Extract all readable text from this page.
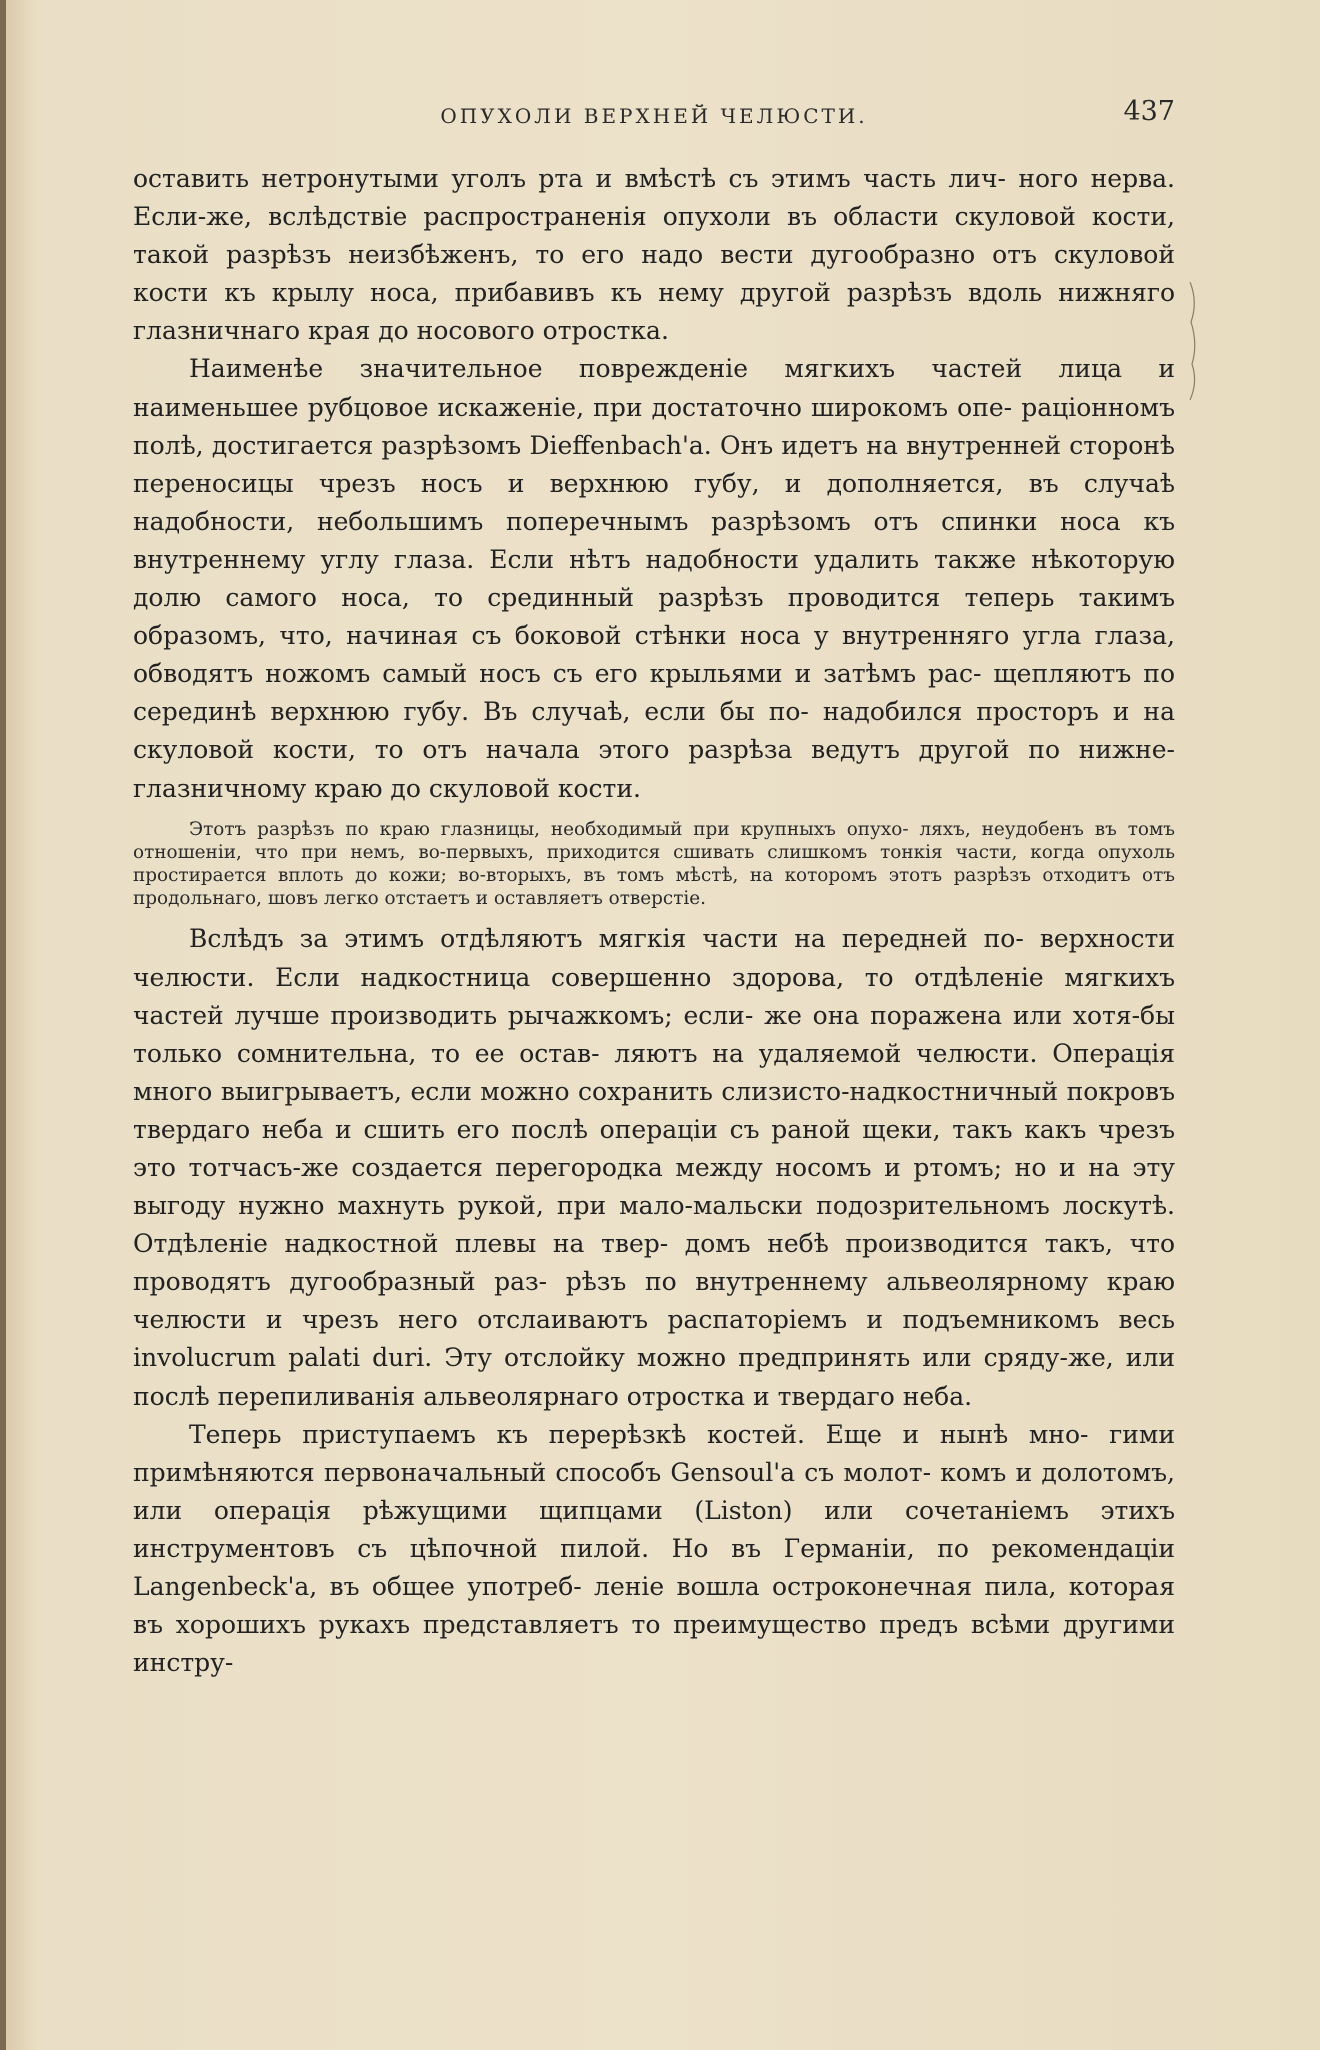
ОПУХОЛИ ВЕРХНЕЙ ЧЕЛЮСТИ.	437

оставить нетронутыми уголъ рта и вмѣстѣ съ этимъ часть лич- ного нерва. Если-же, вслѣдствіе распространенія опухоли въ области скуловой кости, такой разрѣзъ неизбѣженъ, то его надо вести дугообразно отъ скуловой кости къ крылу носа, прибавивъ къ нему другой разрѣзъ вдоль нижняго глазничнаго края до носового отростка.

Наименѣе значительное поврежденіе мягкихъ частей лица и наименьшее рубцовое искаженіе, при достаточно широкомъ опе- раціонномъ полѣ, достигается разрѣзомъ Dieffenbach'а. Онъ идетъ на внутренней сторонѣ переносицы чрезъ носъ и верхнюю губу, и дополняется, въ случаѣ надобности, небольшимъ поперечнымъ разрѣзомъ отъ спинки носа къ внутреннему углу глаза. Если нѣтъ надобности удалить также нѣкоторую долю самого носа, то срединный разрѣзъ проводится теперь такимъ образомъ, что, начиная съ боковой стѣнки носа у внутренняго угла глаза, обводятъ ножомъ самый носъ съ его крыльями и затѣмъ рас- щепляютъ по серединѣ верхнюю губу. Въ случаѣ, если бы по- надобился просторъ и на скуловой кости, то отъ начала этого разрѣза ведутъ другой по нижне-глазничному краю до скуловой кости.

Этотъ разрѣзъ по краю глазницы, необходимый при крупныхъ опухо- ляхъ, неудобенъ въ томъ отношеніи, что при немъ, во-первыхъ, приходится сшивать слишкомъ тонкія части, когда опухоль простирается вплоть до кожи; во-вторыхъ, въ томъ мѣстѣ, на которомъ этотъ разрѣзъ отходитъ отъ продольнаго, шовъ легко отстаетъ и оставляетъ отверстіе.

Вслѣдъ за этимъ отдѣляютъ мягкія части на передней по- верхности челюсти. Если надкостница совершенно здорова, то отдѣленіе мягкихъ частей лучше производить рычажкомъ; если- же она поражена или хотя-бы только сомнительна, то ее остав- ляютъ на удаляемой челюсти. Операція много выигрываетъ, если можно сохранить слизисто-надкостничный покровъ твердаго неба и сшить его послѣ операціи съ раной щеки, такъ какъ чрезъ это тотчасъ-же создается перегородка между носомъ и ртомъ; но и на эту выгоду нужно махнуть рукой, при мало-мальски подозрительномъ лоскутѣ. Отдѣленіе надкостной плевы на твер- домъ небѣ производится такъ, что проводятъ дугообразный раз- рѣзъ по внутреннему альвеолярному краю челюсти и чрезъ него отслаиваютъ распаторіемъ и подъемникомъ весь involucrum palati duri. Эту отслойку можно предпринять или сряду-же, или послѣ перепиливанія альвеолярнаго отростка и твердаго неба.

Теперь приступаемъ къ перерѣзкѣ костей. Еще и нынѣ мно- гими примѣняются первоначальный способъ Gensoul'а съ молот- комъ и долотомъ, или операція рѣжущими щипцами (Liston) или сочетаніемъ этихъ инструментовъ съ цѣпочной пилой. Но въ Германіи, по рекомендаціи Langenbeck'а, въ общее употреб- леніе вошла остроконечная пила, которая въ хорошихъ рукахъ представляетъ то преимущество предъ всѣми другими инстру-
